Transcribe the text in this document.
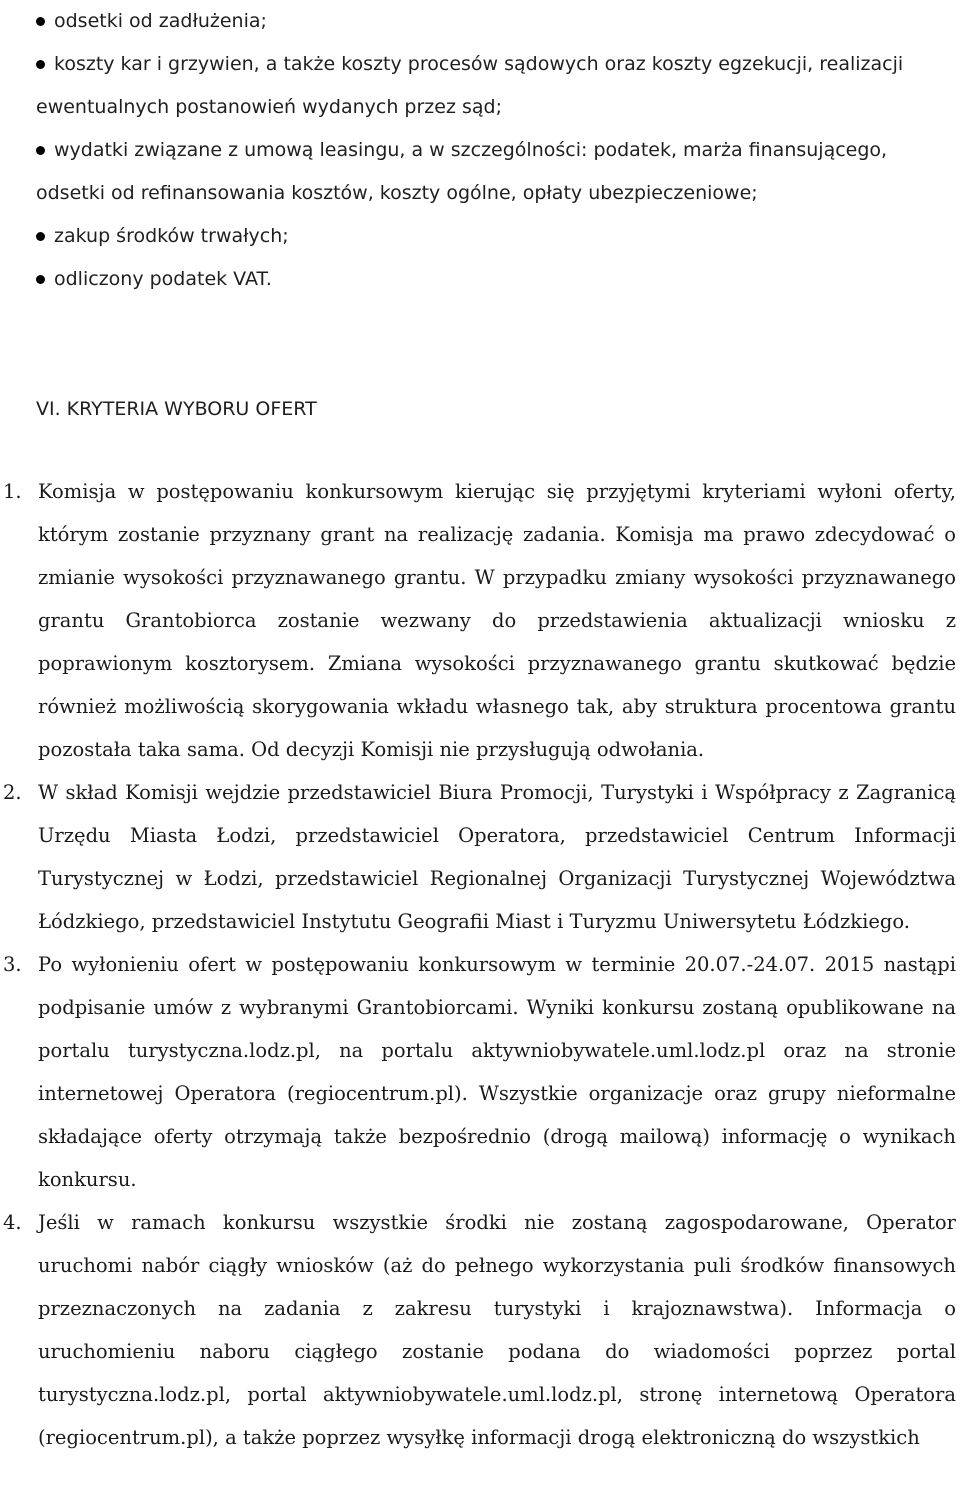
odsetki od zadłużenia;
koszty kar i grzywien, a także koszty procesów sądowych oraz koszty egzekucji, realizacji ewentualnych postanowień wydanych przez sąd;
wydatki związane z umową leasingu, a w szczególności: podatek, marża finansującego, odsetki od refinansowania kosztów, koszty ogólne, opłaty ubezpieczeniowe;
zakup środków trwałych;
odliczony podatek VAT.
VI. KRYTERIA WYBORU OFERT
1. Komisja w postępowaniu konkursowym kierując się przyjętymi kryteriami wyłoni oferty, którym zostanie przyznany grant na realizację zadania. Komisja ma prawo zdecydować o zmianie wysokości przyznawanego grantu. W przypadku zmiany wysokości przyznawanego grantu Grantobiorca zostanie wezwany do przedstawienia aktualizacji wniosku z poprawionym kosztorysem. Zmiana wysokości przyznawanego grantu skutkować będzie również możliwością skorygowania wkładu własnego tak, aby struktura procentowa grantu pozostała taka sama. Od decyzji Komisji nie przysługują odwołania.
2. W skład Komisji wejdzie przedstawiciel Biura Promocji, Turystyki i Współpracy z Zagranicą Urzędu Miasta Łodzi, przedstawiciel Operatora, przedstawiciel Centrum Informacji Turystycznej w Łodzi, przedstawiciel Regionalnej Organizacji Turystycznej Województwa Łódzkiego, przedstawiciel Instytutu Geografii Miast i Turyzmu Uniwersytetu Łódzkiego.
3. Po wyłonieniu ofert w postępowaniu konkursowym w terminie 20.07.-24.07. 2015 nastąpi podpisanie umów z wybranymi Grantobiorcami. Wyniki konkursu zostaną opublikowane na portalu turystyczna.lodz.pl, na portalu aktywniobywatele.uml.lodz.pl oraz na stronie internetowej Operatora (regiocentrum.pl). Wszystkie organizacje oraz grupy nieformalne składające oferty otrzymają także bezpośrednio (drogą mailową) informację o wynikach konkursu.
4. Jeśli w ramach konkursu wszystkie środki nie zostaną zagospodarowane, Operator uruchomi nabór ciągły wniosków (aż do pełnego wykorzystania puli środków finansowych przeznaczonych na zadania z zakresu turystyki i krajoznawstwa). Informacja o uruchomieniu naboru ciągłego zostanie podana do wiadomości poprzez portal turystyczna.lodz.pl, portal aktywniobywatele.uml.lodz.pl, stronę internetową Operatora (regiocentrum.pl), a także poprzez wysyłkę informacji drogą elektroniczną do wszystkich
